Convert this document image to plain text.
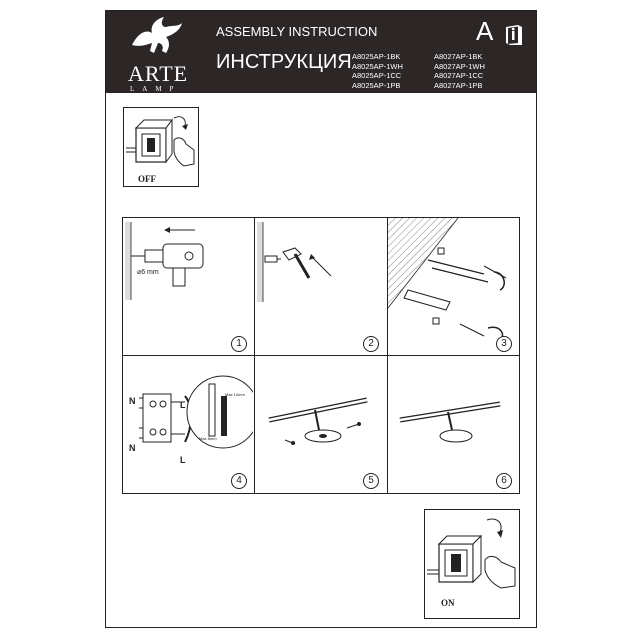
ARTE
LAMP
ASSEMBLY INSTRUCTION
ИНСТРУКЦИЯ A8025AP-1BK
A8025AP-1WH
A8025AP-1CC
A8025AP-1PB
A8027AP-1BK
A8027AP-1WH
A8027AP-1CC
A8027AP-1PB
A
OFF
⌀6 mm
1	2	3
N	L
N
L
Max 10mm
Max 8mm
4	5	6
ON
